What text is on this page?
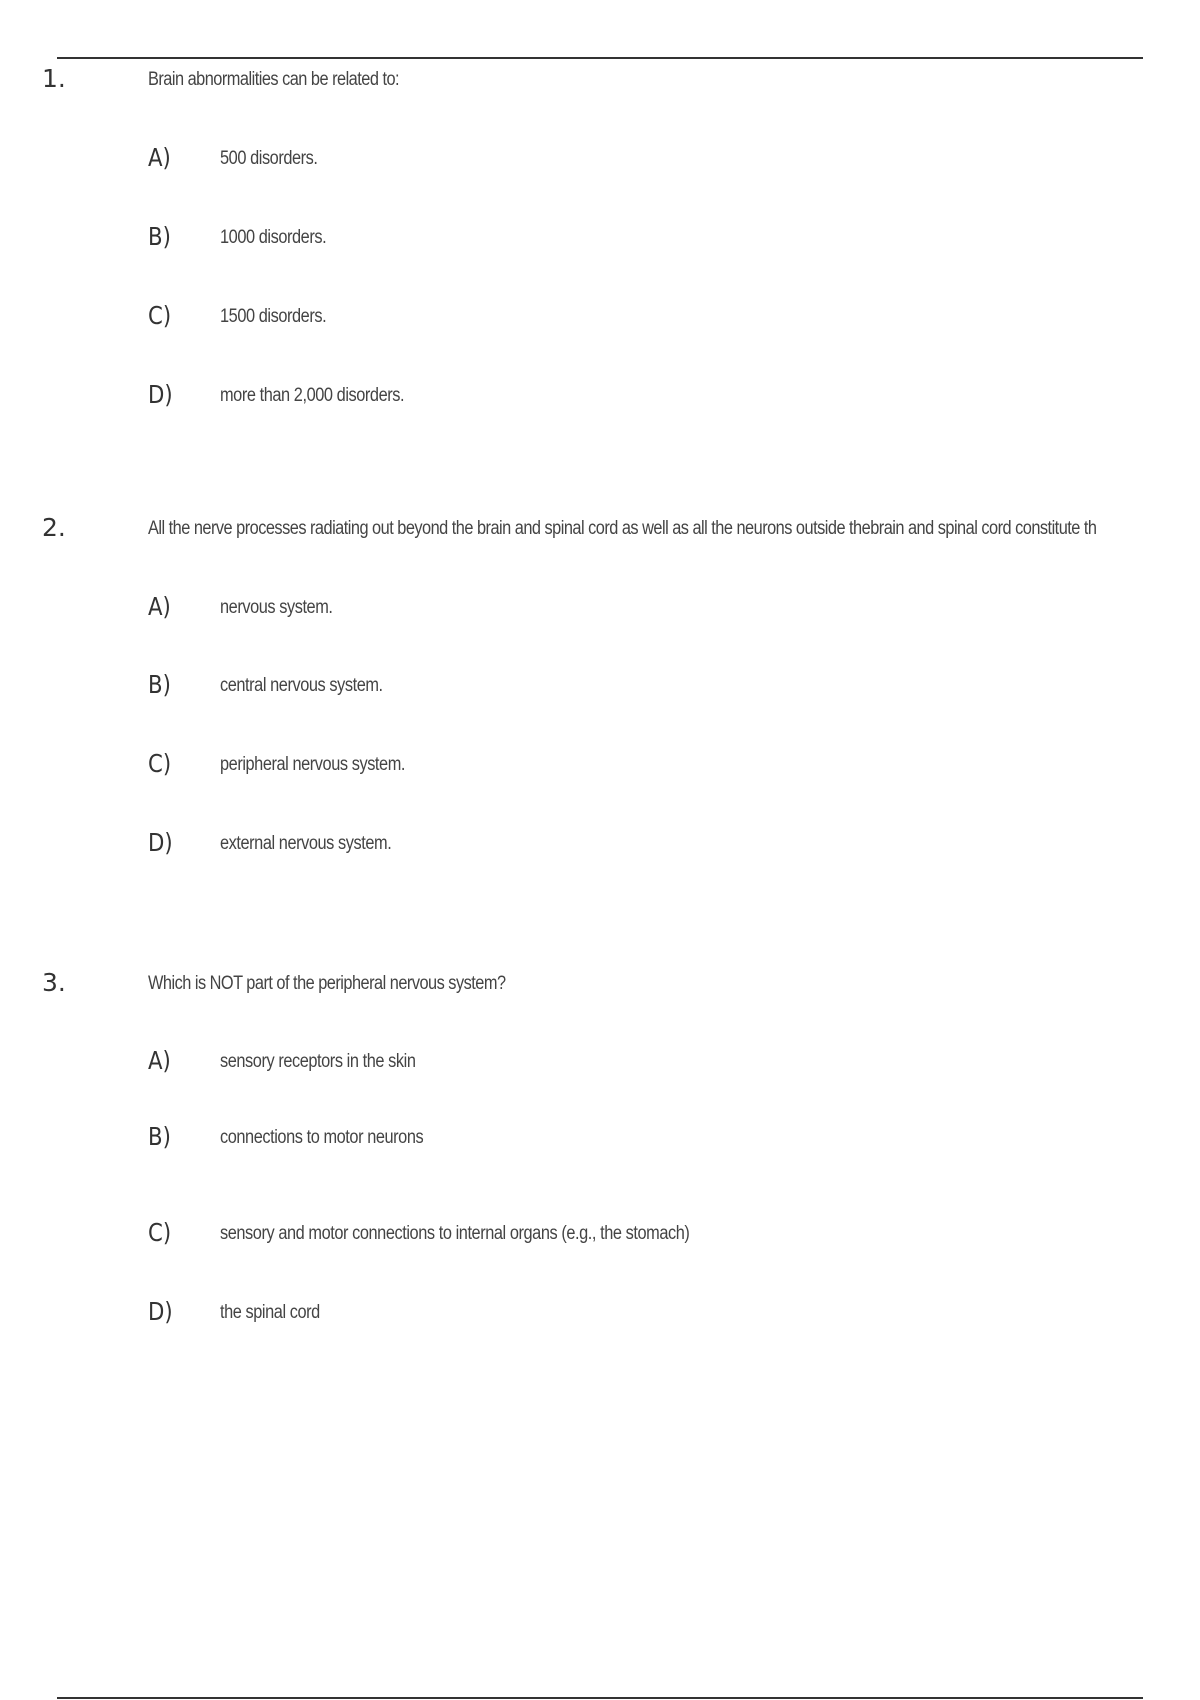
1.	Brain abnormalities can be related to:
A)	500 disorders.
B)	1000 disorders.
C)	1500 disorders.
D) more than 2,000 disorders.
2.	All the nerve processes radiating out beyond the brain and spinal cord as well as all the neurons outside thebrain and spinal cord constitute th
A)	nervous system.
B)	central nervous system.
C)	peripheral nervous system.
D) external nervous system.
3.	Which is NOT part of the peripheral nervous system?
A)	sensory receptors in the skin
B)	connections to motor neurons
C)	sensory and motor connections to internal organs (e.g., the stomach)
D) the spinal cord
